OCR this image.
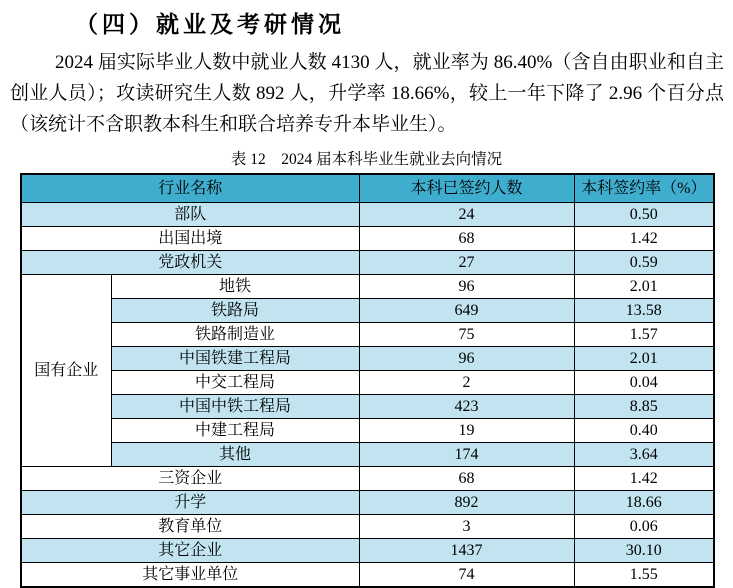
（四）就业及考研情况

2024 届实际毕业人数中就业人数 4130 人，就业率为 86.40%（含自由职业和自主创业人员）；攻读研究生人数 892 人，升学率 18.66%，较上一年下降了 2.96 个百分点（该统计不含职教本科生和联合培养专升本毕业生）。

表 12　2024 届本科毕业生就业去向情况
行业名称		本科已签约人数	本科签约率（%）
部队		24	0.50
出国出境		68	1.42
党政机关		27	0.59
国有企业	地铁	96	2.01
	铁路局	649	13.58
	铁路制造业	75	1.57
	中国铁建工程局	96	2.01
	中交工程局	2	0.04
	中国中铁工程局	423	8.85
	中建工程局	19	0.40
	其他	174	3.64
三资企业		68	1.42
升学		892	18.66
教育单位		3	0.06
其它企业		1437	30.10
其它事业单位		74	1.55
